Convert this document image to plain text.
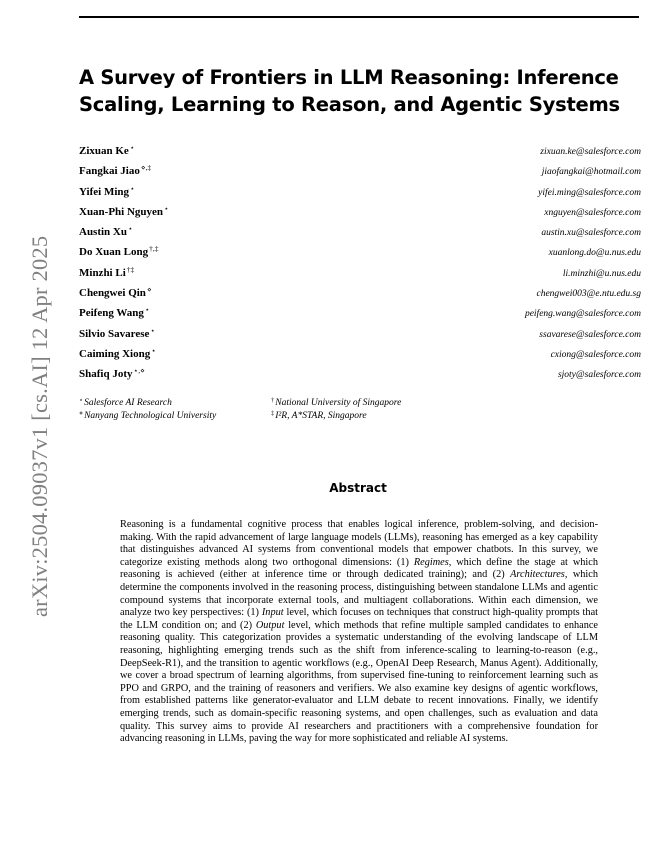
arXiv:2504.09037v1 [cs.AI] 12 Apr 2025
A Survey of Frontiers in LLM Reasoning: Inference Scaling, Learning to Reason, and Agentic Systems
Zixuan Ke⋆	zixuan.ke@salesforce.com
Fangkai Jiao⋄,‡	jiaofangkai@hotmail.com
Yifei Ming⋆	yifei.ming@salesforce.com
Xuan-Phi Nguyen⋆	xnguyen@salesforce.com
Austin Xu⋆	austin.xu@salesforce.com
Do Xuan Long†,‡	xuanlong.do@u.nus.edu
Minzhi Li†‡	li.minzhi@u.nus.edu
Chengwei Qin⋄	chengwei003@e.ntu.edu.sg
Peifeng Wang⋆	peifeng.wang@salesforce.com
Silvio Savarese⋆	ssavarese@salesforce.com
Caiming Xiong⋆	cxiong@salesforce.com
Shafiq Joty⋆,⋄	sjoty@salesforce.com
⋆Salesforce AI Research	†National University of Singapore
⋄Nanyang Technological University	‡I²R, A*STAR, Singapore
Abstract

Reasoning is a fundamental cognitive process that enables logical inference, problem-solving, and decision-making. With the rapid advancement of large language models (LLMs), reasoning has emerged as a key capability that distinguishes advanced AI systems from conventional models that empower chatbots. In this survey, we categorize existing methods along two orthogonal dimensions: (1) Regimes, which define the stage at which reasoning is achieved (either at inference time or through dedicated training); and (2) Architectures, which determine the components involved in the reasoning process, distinguishing between standalone LLMs and agentic compound systems that incorporate external tools, and multiagent collaborations. Within each dimension, we analyze two key perspectives: (1) Input level, which focuses on techniques that construct high-quality prompts that the LLM condition on; and (2) Output level, which methods that refine multiple sampled candidates to enhance reasoning quality. This categorization provides a systematic understanding of the evolving landscape of LLM reasoning, highlighting emerging trends such as the shift from inference-scaling to learning-to-reason (e.g., DeepSeek-R1), and the transition to agentic workflows (e.g., OpenAI Deep Research, Manus Agent). Additionally, we cover a broad spectrum of learning algorithms, from supervised fine-tuning to reinforcement learning such as PPO and GRPO, and the training of reasoners and verifiers. We also examine key designs of agentic workflows, from established patterns like generator-evaluator and LLM debate to recent innovations. Finally, we identify emerging trends, such as domain-specific reasoning systems, and open challenges, such as evaluation and data quality. This survey aims to provide AI researchers and practitioners with a comprehensive foundation for advancing reasoning in LLMs, paving the way for more sophisticated and reliable AI systems.
